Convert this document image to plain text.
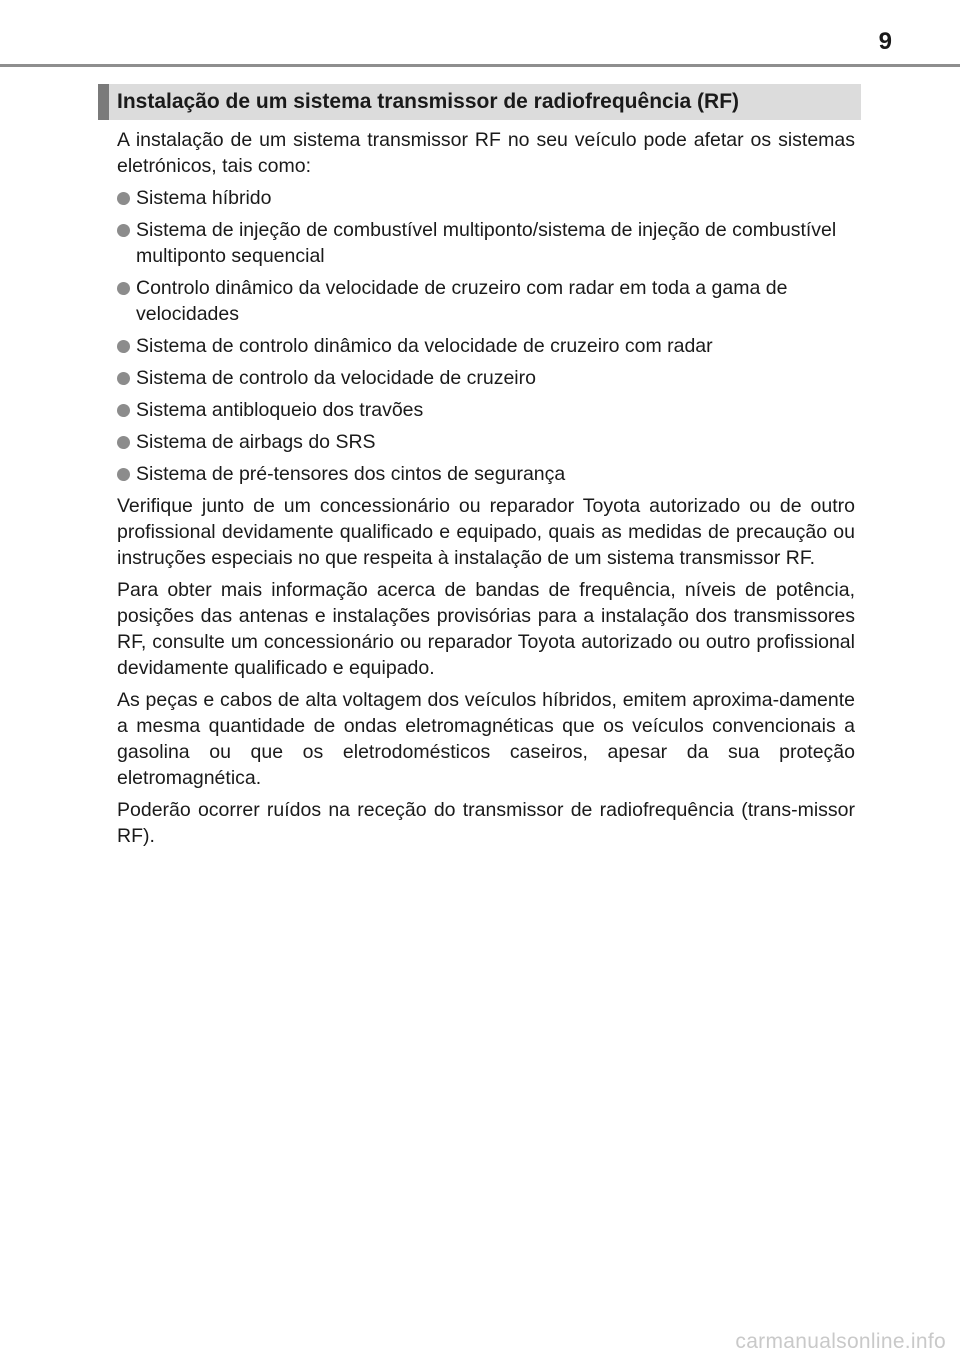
9
Instalação de um sistema transmissor de radiofrequência (RF)

A instalação de um sistema transmissor RF no seu veículo pode afetar os sistemas eletrónicos, tais como:

Sistema híbrido
Sistema de injeção de combustível multiponto/sistema de injeção de combustível multiponto sequencial
Controlo dinâmico da velocidade de cruzeiro com radar em toda a gama de velocidades
Sistema de controlo dinâmico da velocidade de cruzeiro com radar
Sistema de controlo da velocidade de cruzeiro
Sistema antibloqueio dos travões
Sistema de airbags do SRS
Sistema de pré-tensores dos cintos de segurança

Verifique junto de um concessionário ou reparador Toyota autorizado ou de outro profissional devidamente qualificado e equipado, quais as medidas de precaução ou instruções especiais no que respeita à instalação de um sistema transmissor RF.

Para obter mais informação acerca de bandas de frequência, níveis de potência, posições das antenas e instalações provisórias para a instalação dos transmissores RF, consulte um concessionário ou reparador Toyota autorizado ou outro profissional devidamente qualificado e equipado.

As peças e cabos de alta voltagem dos veículos híbridos, emitem aproxima-damente a mesma quantidade de ondas eletromagnéticas que os veículos convencionais a gasolina ou que os eletrodomésticos caseiros, apesar da sua proteção eletromagnética.

Poderão ocorrer ruídos na receção do transmissor de radiofrequência (trans-missor RF).

carmanualsonline.info
